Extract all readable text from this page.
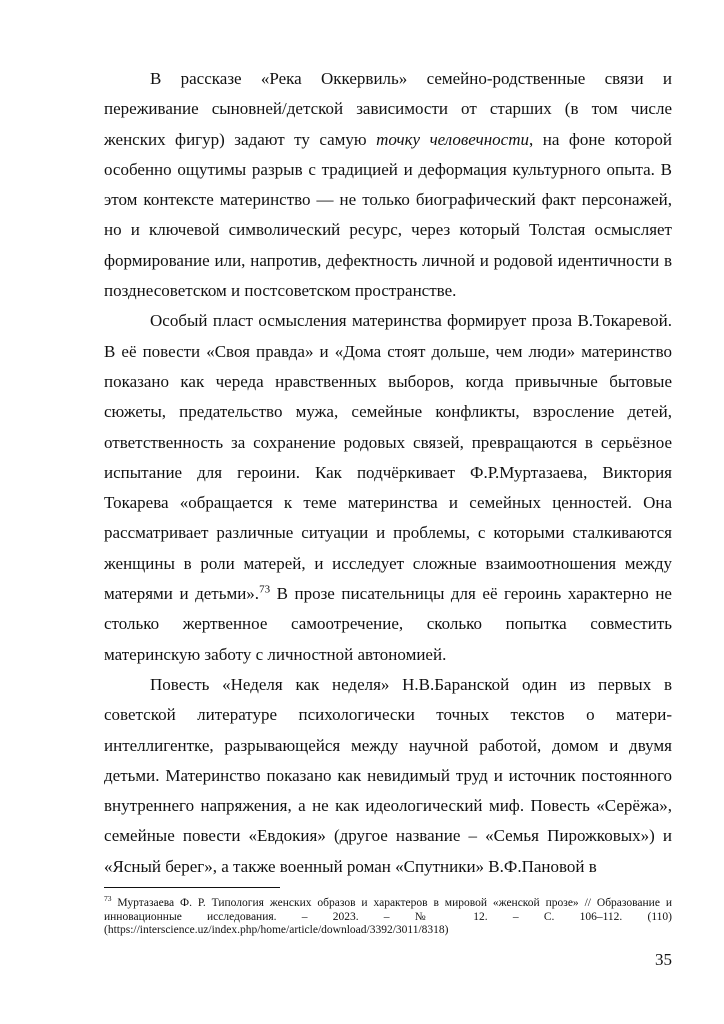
В рассказе «Река Оккервиль» семейно-родственные связи и переживание сыновней/детской зависимости от старших (в том числе женских фигур) задают ту самую точку человечности, на фоне которой особенно ощутимы разрыв с традицией и деформация культурного опыта. В этом контексте материнство — не только биографический факт персонажей, но и ключевой символический ресурс, через который Толстая осмысляет формирование или, напротив, дефектность личной и родовой идентичности в позднесоветском и постсоветском пространстве.

Особый пласт осмысления материнства формирует проза В.Токаревой. В её повести «Своя правда» и «Дома стоят дольше, чем люди» материнство показано как череда нравственных выборов, когда привычные бытовые сюжеты, предательство мужа, семейные конфликты, взросление детей, ответственность за сохранение родовых связей, превращаются в серьёзное испытание для героини. Как подчёркивает Ф.Р.Муртазаева, Виктория Токарева «обращается к теме материнства и семейных ценностей. Она рассматривает различные ситуации и проблемы, с которыми сталкиваются женщины в роли матерей, и исследует сложные взаимоотношения между матерями и детьми».$^{73}$ В прозе писательницы для её героинь характерно не столько жертвенное самоотречение, сколько попытка совместить материнскую заботу с личностной автономией.

Повесть «Неделя как неделя» Н.В.Баранской один из первых в советской литературе психологически точных текстов о матери-интеллигентке, разрывающейся между научной работой, домом и двумя детьми. Материнство показано как невидимый труд и источник постоянного внутреннего напряжения, а не как идеологический миф. Повесть «Серёжа», семейные повести «Евдокия» (другое название – «Семья Пирожковых») и «Ясный берег», а также военный роман «Спутники» В.Ф.Пановой в

$^{73}$ Муртазаева Ф. Р. Типология женских образов и характеров в мировой «женской прозе» // Образование и инновационные исследования. – 2023. – № 12. – С. 106–112. (110) (https://interscience.uz/index.php/home/article/download/3392/3011/8318)

35
